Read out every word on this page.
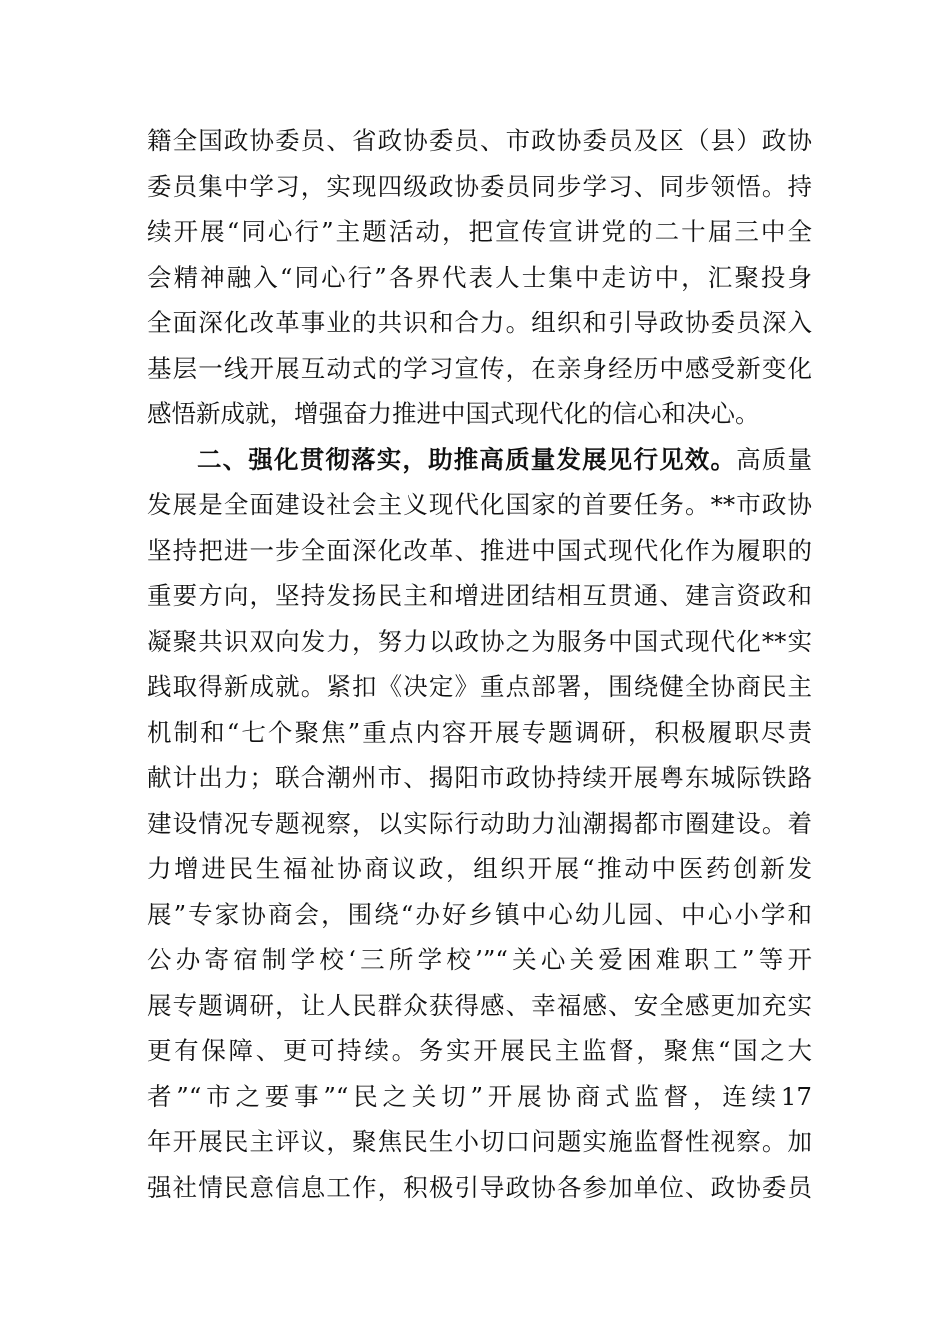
籍全国政协委员、省政协委员、市政协委员及区（县）政协
委员集中学习，实现四级政协委员同步学习、同步领悟。持
续开展“同心行”主题活动，把宣传宣讲党的二十届三中全
会精神融入“同心行”各界代表人士集中走访中，汇聚投身
全面深化改革事业的共识和合力。组织和引导政协委员深入
基层一线开展互动式的学习宣传，在亲身经历中感受新变化
感悟新成就，增强奋力推进中国式现代化的信心和决心。
二、强化贯彻落实，助推高质量发展见行见效。高质量
发展是全面建设社会主义现代化国家的首要任务。**市政协
坚持把进一步全面深化改革、推进中国式现代化作为履职的
重要方向，坚持发扬民主和增进团结相互贯通、建言资政和
凝聚共识双向发力，努力以政协之为服务中国式现代化**实
践取得新成就。紧扣《决定》重点部署，围绕健全协商民主
机制和“七个聚焦”重点内容开展专题调研，积极履职尽责
献计出力；联合潮州市、揭阳市政协持续开展粤东城际铁路
建设情况专题视察，以实际行动助力汕潮揭都市圈建设。着
力增进民生福祉协商议政，组织开展“推动中医药创新发
展”专家协商会，围绕“办好乡镇中心幼儿园、中心小学和
公办寄宿制学校‘三所学校’”“关心关爱困难职工”等开
展专题调研，让人民群众获得感、幸福感、安全感更加充实
更有保障、更可持续。务实开展民主监督，聚焦“国之大
者”“市之要事”“民之关切”开展协商式监督，连续17
年开展民主评议，聚焦民生小切口问题实施监督性视察。加
强社情民意信息工作，积极引导政协各参加单位、政协委员
